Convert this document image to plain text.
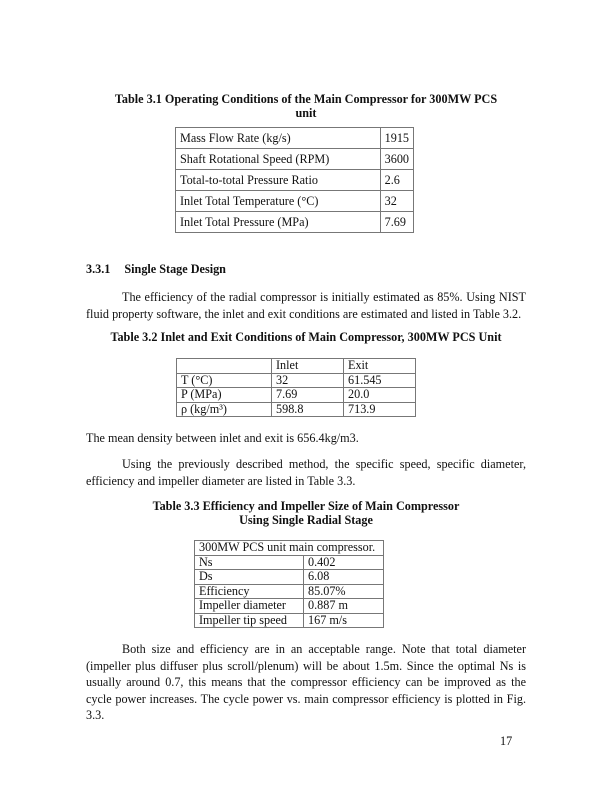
Table 3.1 Operating Conditions of the Main Compressor for 300MW PCS
unit
Mass Flow Rate (kg/s)	1915
Shaft Rotational Speed (RPM)	3600
Total-to-total Pressure Ratio	2.6
Inlet Total Temperature (°C)	32
Inlet Total Pressure (MPa)	7.69
3.3.1 Single Stage Design
The efficiency of the radial compressor is initially estimated as 85%. Using NIST fluid property software, the inlet and exit conditions are estimated and listed in Table 3.2.
Table 3.2 Inlet and Exit Conditions of Main Compressor, 300MW PCS Unit
	Inlet	Exit
T (°C)	32	61.545
P (MPa)	7.69	20.0
ρ (kg/m³)	598.8	713.9
The mean density between inlet and exit is 656.4kg/m3.
Using the previously described method, the specific speed, specific diameter, efficiency and impeller diameter are listed in Table 3.3.
Table 3.3 Efficiency and Impeller Size of Main Compressor
Using Single Radial Stage
300MW PCS unit main compressor.	
Ns	0.402
Ds	6.08
Efficiency	85.07%
Impeller diameter	0.887 m
Impeller tip speed	167 m/s
Both size and efficiency are in an acceptable range. Note that total diameter (impeller plus diffuser plus scroll/plenum) will be about 1.5m. Since the optimal Ns is usually around 0.7, this means that the compressor efficiency can be improved as the cycle power increases. The cycle power vs. main compressor efficiency is plotted in Fig. 3.3.
17
